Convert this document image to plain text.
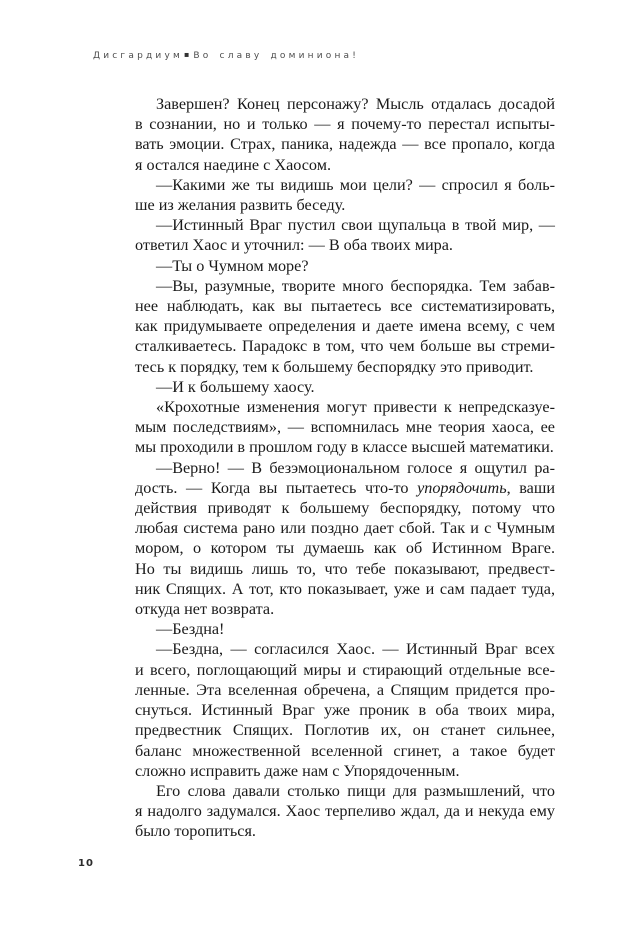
Дисгардиум▪ Во славу доминиона!
Завершен? Конец персонажу? Мысль отдалась досадой
в сознании, но и только — я почему-то перестал испыты-
вать эмоции. Страх, паника, надежда — все пропало, когда
я остался наедине с Хаосом.
—Какими же ты видишь мои цели? — спросил я боль-
ше из желания развить беседу.
—Истинный Враг пустил свои щупальца в твой мир, —
ответил Хаос и уточнил: — В оба твоих мира.
—Ты о Чумном море?
—Вы, разумные, творите много беспорядка. Тем забав-
нее наблюдать, как вы пытаетесь все систематизировать,
как придумываете определения и даете имена всему, с чем
сталкиваетесь. Парадокс в том, что чем больше вы стреми-
тесь к порядку, тем к большему беспорядку это приводит.
—И к большему хаосу.
«Крохотные изменения могут привести к непредсказуе-
мым последствиям», — вспомнилась мне теория хаоса, ее
мы проходили в прошлом году в классе высшей математики.
—Верно! — В безэмоциональном голосе я ощутил ра-
дость. — Когда вы пытаетесь что-то упорядочить, ваши
действия приводят к большему беспорядку, потому что
любая система рано или поздно дает сбой. Так и с Чумным
мором, о котором ты думаешь как об Истинном Враге.
Но ты видишь лишь то, что тебе показывают, предвест-
ник Спящих. А тот, кто показывает, уже и сам падает туда,
откуда нет возврата.
—Бездна!
—Бездна, — согласился Хаос. — Истинный Враг всех
и всего, поглощающий миры и стирающий отдельные все-
ленные. Эта вселенная обречена, а Спящим придется про-
снуться. Истинный Враг уже проник в оба твоих мира,
предвестник Спящих. Поглотив их, он станет сильнее,
баланс множественной вселенной сгинет, а такое будет
сложно исправить даже нам с Упорядоченным.
Его слова давали столько пищи для размышлений, что
я надолго задумался. Хаос терпеливо ждал, да и некуда ему
было торопиться.
10
